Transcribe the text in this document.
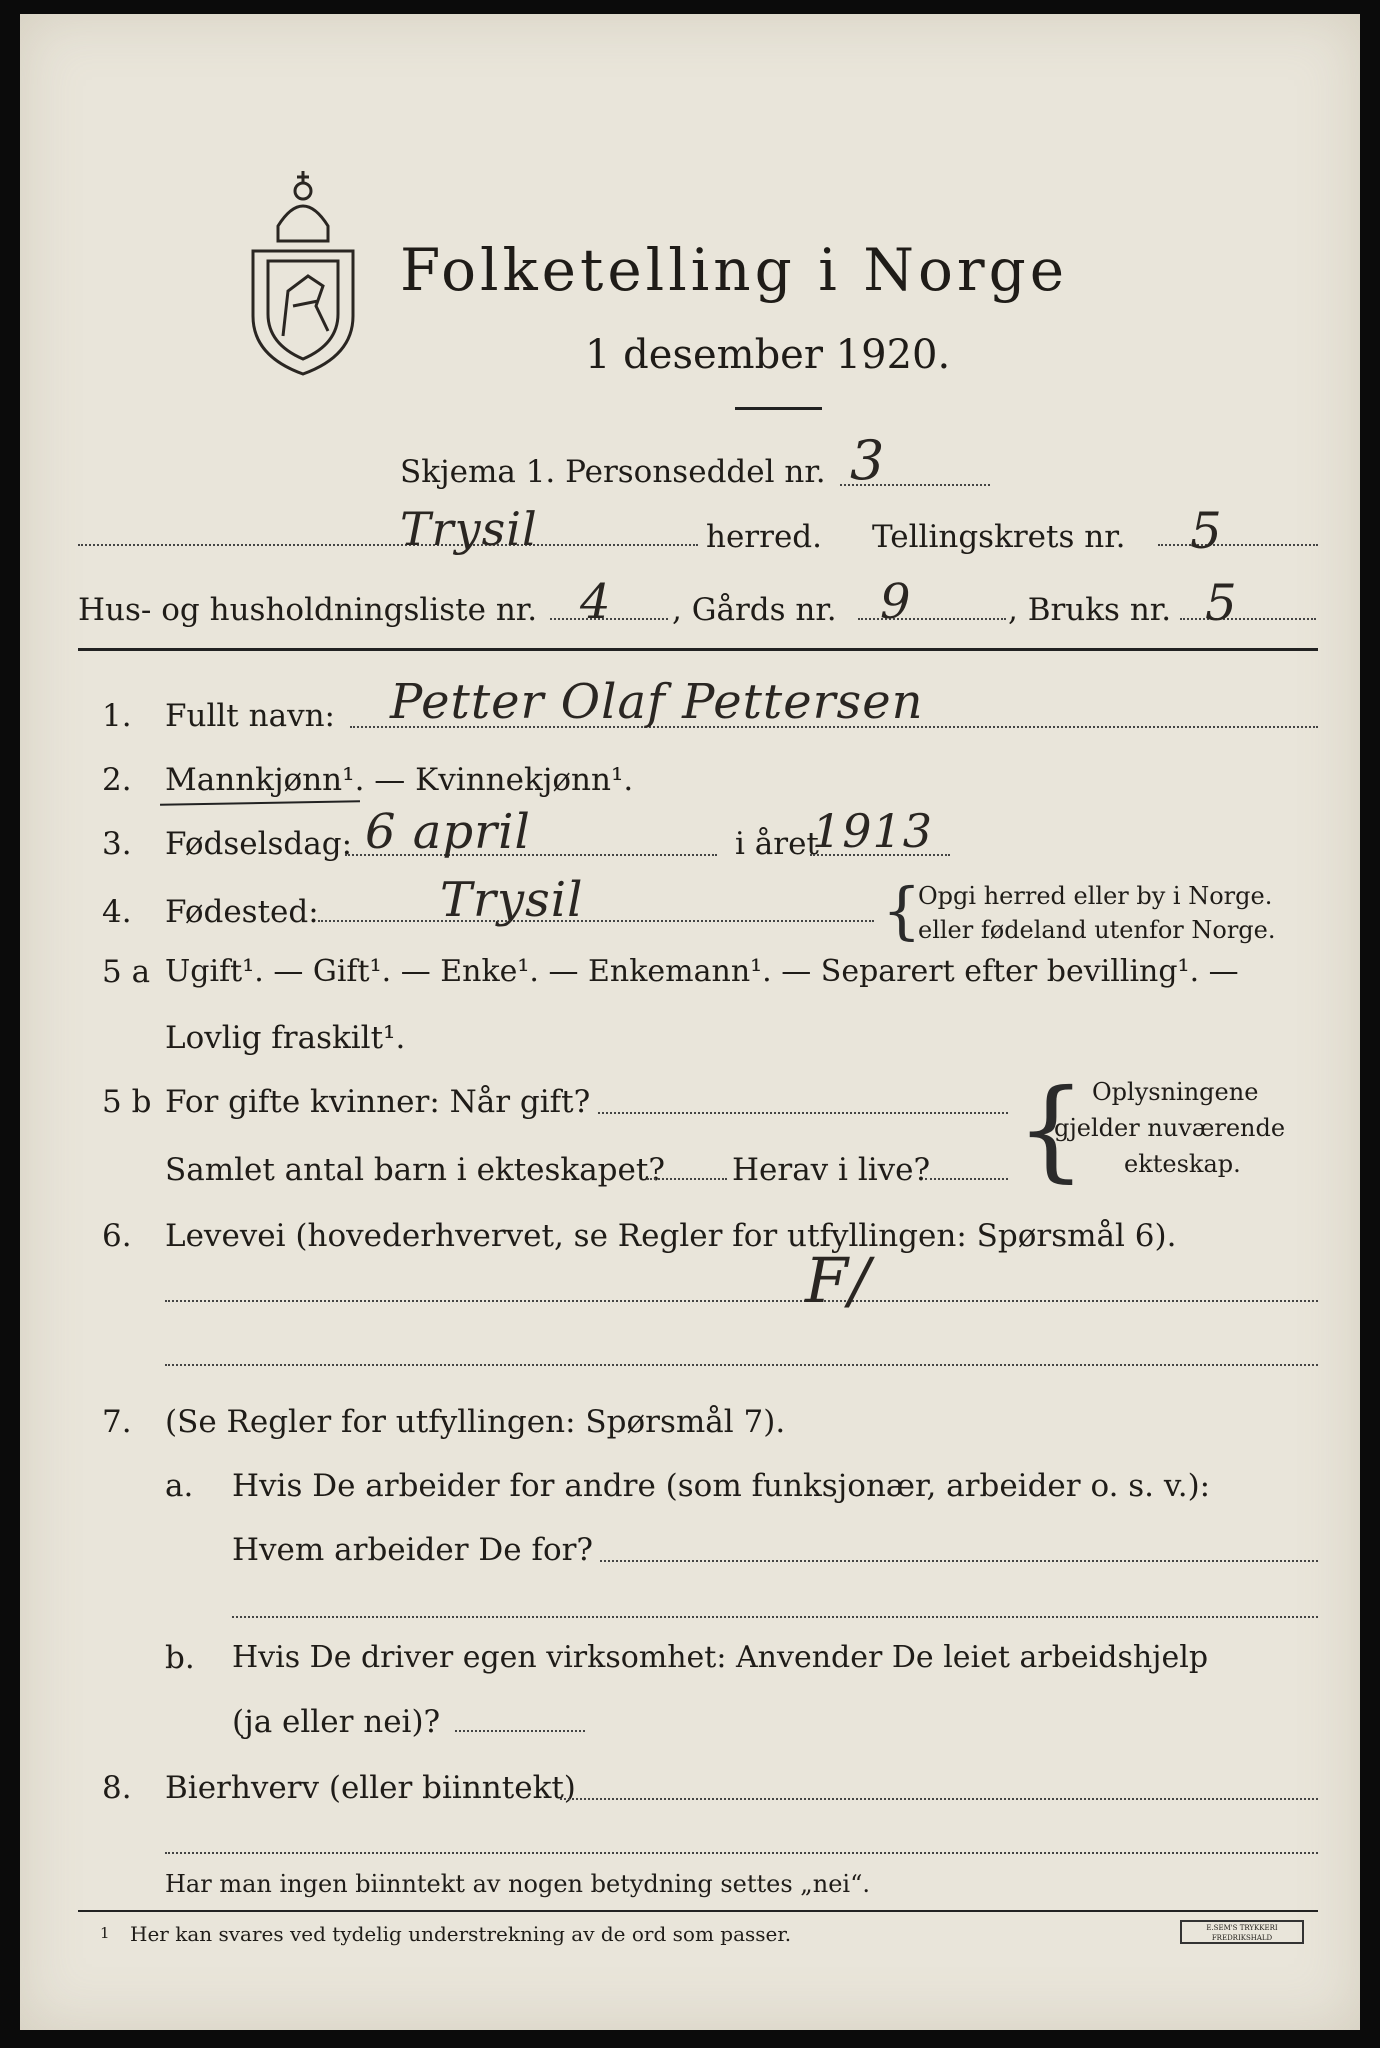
Folketelling i Norge
1 desember 1920.
Skjema 1. Personseddel nr. 3
Trysil	herred. Tellingskrets nr. 5
Hus- og husholdningsliste nr. 4 , Gårds nr. 9	, Bruks nr. 5
1. Fullt navn: Petter Olaf Pettersen
2. Mannkjønn¹. — Kvinnekjønn¹.
3. Fødselsdag: 6 april	i året
1913
4. Fødested:	Trysil	{
Opgi herred eller by i Norge.
eller fødeland utenfor Norge.
5 a Ugift¹. — Gift¹. — Enke¹. — Enkemann¹. — Separert efter bevilling¹. —
Lovlig fraskilt¹.
5 b For gifte kvinner: Når gift?
Samlet antal barn i ekteskapet? Herav i live? { Oplysningene
gjelder nuværende
ekteskap.
6. Levevei (hovederhvervet, se Regler for utfyllingen: Spørsmål 6).
F/
7. (Se Regler for utfyllingen: Spørsmål 7).
a. Hvis De arbeider for andre (som funksjonær, arbeider o. s. v.):
Hvem arbeider De for?
b. Hvis De driver egen virksomhet: Anvender De leiet arbeidshjelp
(ja eller nei)?
8. Bierhverv (eller biinntekt)
Har man ingen biinntekt av nogen betydning settes „nei“.
1 Her kan svares ved tydelig understrekning av de ord som passer.	E.SEM'S TRYKKERI FREDRIKSHALD
